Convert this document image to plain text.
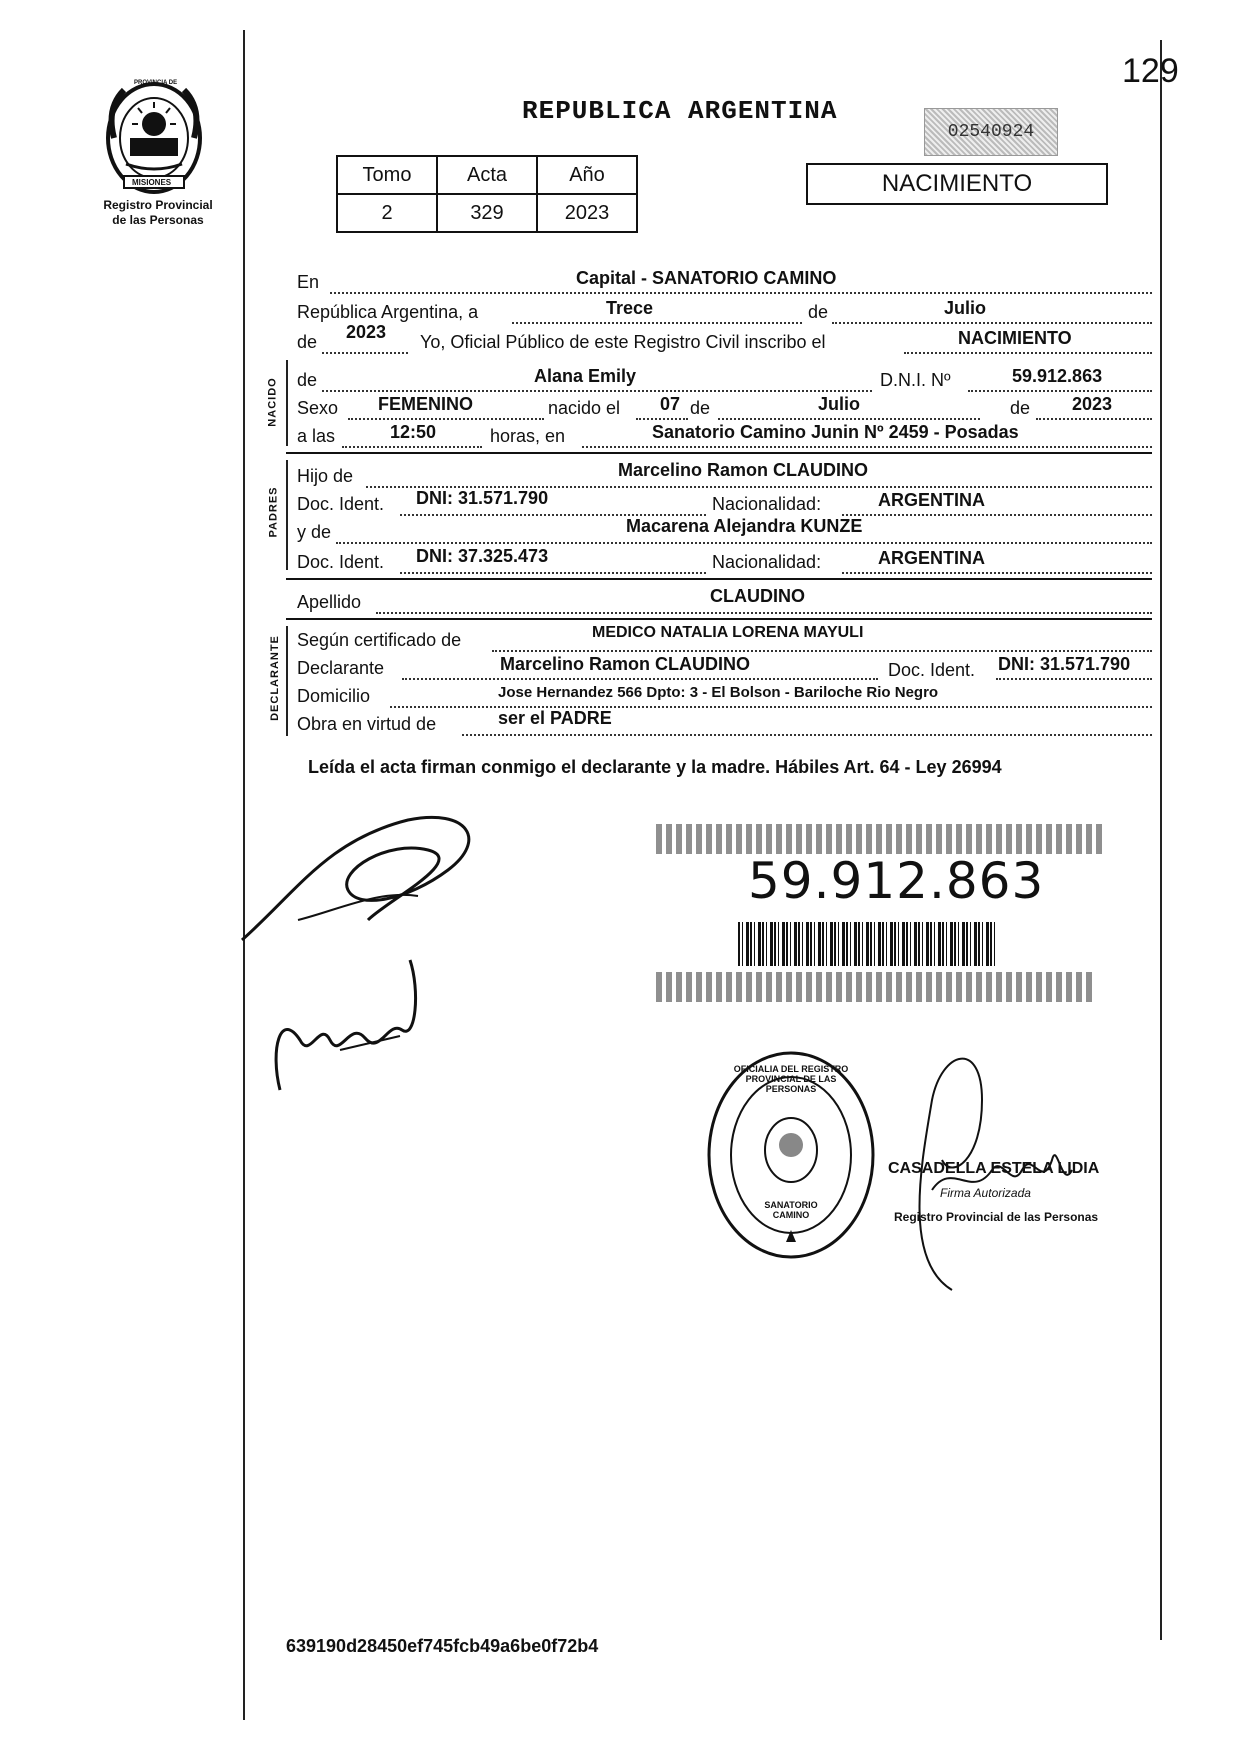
129
PROVINCIA DE
MISIONES
Registro Provincial
de las Personas
REPUBLICA ARGENTINA
02540924
Tomo	Acta	Año
2	329	2023
NACIMIENTO
En	Capital - SANATORIO CAMINO
República Argentina, a	Trece	de	Julio
de 2023 Yo, Oficial Público de este Registro Civil inscribo el	NACIMIENTO
NACIDO de	Alana Emily	D.N.I. Nº	59.912.863
Sexo FEMENINO	nacido el 07 de	Julio	de 2023
a las	12:50	horas, en	Sanatorio Camino Junin Nº 2459 - Posadas
PADRES
Hijo de	Marcelino Ramon CLAUDINO
Doc. Ident. DNI: 31.571.790	Nacionalidad:	ARGENTINA
y de	Macarena Alejandra KUNZE
Doc. Ident. DNI: 37.325.473	Nacionalidad:	ARGENTINA
Apellido	CLAUDINO
DECLARANTE Según certificado de	MEDICO NATALIA LORENA MAYULI
Declarante	Marcelino Ramon CLAUDINO	Doc. Ident. DNI: 31.571.790
Domicilio	Jose Hernandez 566 Dpto: 3 - El Bolson - Bariloche Rio Negro
Obra en virtud de	ser el PADRE
Leída el acta firman conmigo el declarante y la madre. Hábiles Art. 64 - Ley 26994
59.912.863
OFICIALIA DEL REGISTRO PROVINCIAL DE LAS PERSONAS
SANATORIO CAMINO
CASADELLA ESTELA LIDIA
Firma Autorizada
Registro Provincial de las Personas
639190d28450ef745fcb49a6be0f72b4
